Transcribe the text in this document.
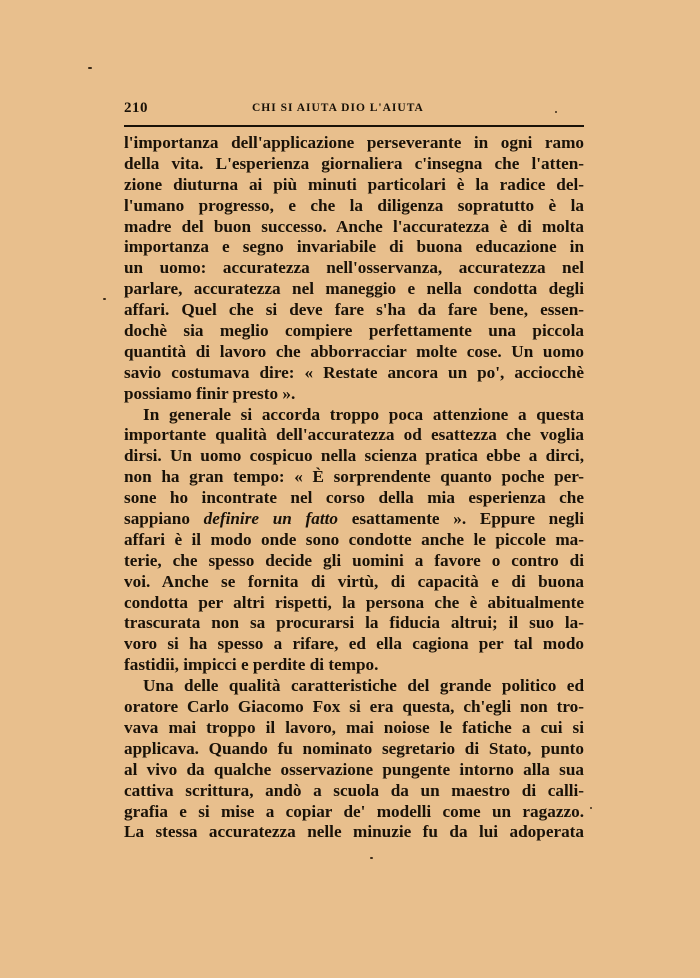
210	CHI SI AIUTA DIO L'AIUTA
l'importanza dell'applicazione perseverante in ogni ramo
della vita. L'esperienza giornaliera c'insegna che l'atten-
zione diuturna ai più minuti particolari è la radice del-
l'umano progresso, e che la diligenza sopratutto è la
madre del buon successo. Anche l'accuratezza è di molta
importanza e segno invariabile di buona educazione in
un uomo: accuratezza nell'osservanza, accuratezza nel
parlare, accuratezza nel maneggio e nella condotta degli
affari. Quel che si deve fare s'ha da fare bene, essen-
dochè sia meglio compiere perfettamente una piccola
quantità di lavoro che abborracciar molte cose. Un uomo
savio costumava dire: « Restate ancora un po', acciocchè
possiamo finir presto ».
In generale si accorda troppo poca attenzione a questa
importante qualità dell'accuratezza od esattezza che voglia
dirsi. Un uomo cospicuo nella scienza pratica ebbe a dirci,
non ha gran tempo: « È sorprendente quanto poche per-
sone ho incontrate nel corso della mia esperienza che
sappiano definire un fatto esattamente ». Eppure negli
affari è il modo onde sono condotte anche le piccole ma-
terie, che spesso decide gli uomini a favore o contro di
voi. Anche se fornita di virtù, di capacità e di buona
condotta per altri rispetti, la persona che è abitualmente
trascurata non sa procurarsi la fiducia altrui; il suo la-
voro si ha spesso a rifare, ed ella cagiona per tal modo
fastidii, impicci e perdite di tempo.
Una delle qualità caratteristiche del grande politico ed
oratore Carlo Giacomo Fox si era questa, ch'egli non tro-
vava mai troppo il lavoro, mai noiose le fatiche a cui si
applicava. Quando fu nominato segretario di Stato, punto
al vivo da qualche osservazione pungente intorno alla sua
cattiva scrittura, andò a scuola da un maestro di calli-
grafia e si mise a copiar de' modelli come un ragazzo.
La stessa accuratezza nelle minuzie fu da lui adoperata
